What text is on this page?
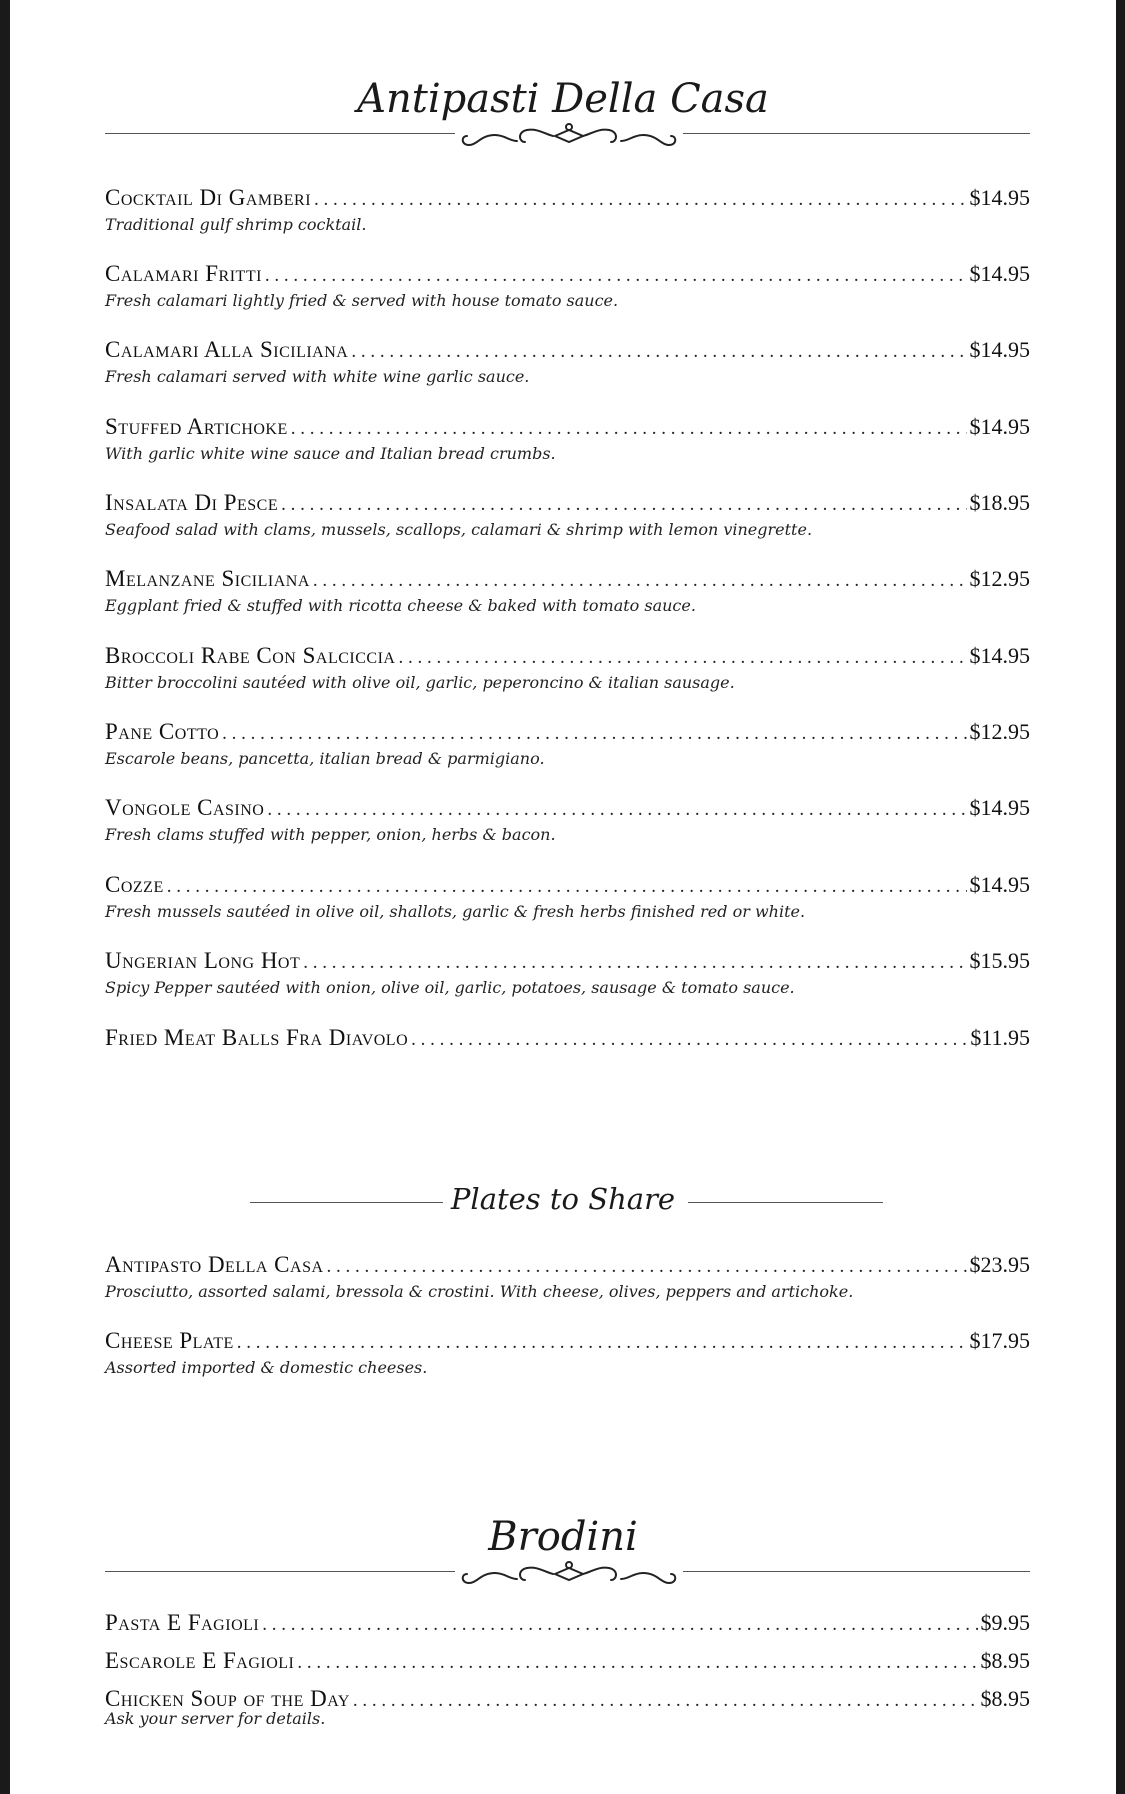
Antipasti Della Casa
Cocktail Di Gamberi . . .	$14.95
Traditional gulf shrimp cocktail.
Calamari Fritti . . .	$14.95
Fresh calamari lightly fried & served with house tomato sauce.
Calamari Alla Siciliana . . .	$14.95
Fresh calamari served with white wine garlic sauce.
Stuffed Artichoke . . .	$14.95
With garlic white wine sauce and Italian bread crumbs.
Insalata Di Pesce . . .	$18.95
Seafood salad with clams, mussels, scallops, calamari & shrimp with lemon vinegrette.
Melanzane Siciliana . . .	$12.95
Eggplant fried & stuffed with ricotta cheese & baked with tomato sauce.
Broccoli Rabe Con Salciccia . . .	$14.95
Bitter broccolini sautéed with olive oil, garlic, peperoncino & italian sausage.
Pane Cotto . . .	$12.95
Escarole beans, pancetta, italian bread & parmigiano.
Vongole Casino . . .	$14.95
Fresh clams stuffed with pepper, onion, herbs & bacon.
Cozze . . .	$14.95
Fresh mussels sautéed in olive oil, shallots, garlic & fresh herbs finished red or white.
Ungerian Long Hot . . .	$15.95
Spicy Pepper sautéed with onion, olive oil, garlic, potatoes, sausage & tomato sauce.
Fried Meat Balls Fra Diavolo . . .	$11.95
Plates to Share
Antipasto Della Casa . . .	$23.95
Prosciutto, assorted salami, bressola & crostini. With cheese, olives, peppers and artichoke.
Cheese Plate . . .	$17.95
Assorted imported & domestic cheeses.
Brodini
Pasta E Fagioli . . .	$9.95
Escarole E Fagioli . . .	$8.95
Chicken Soup of the Day . . .	$8.95
Ask your server for details.
